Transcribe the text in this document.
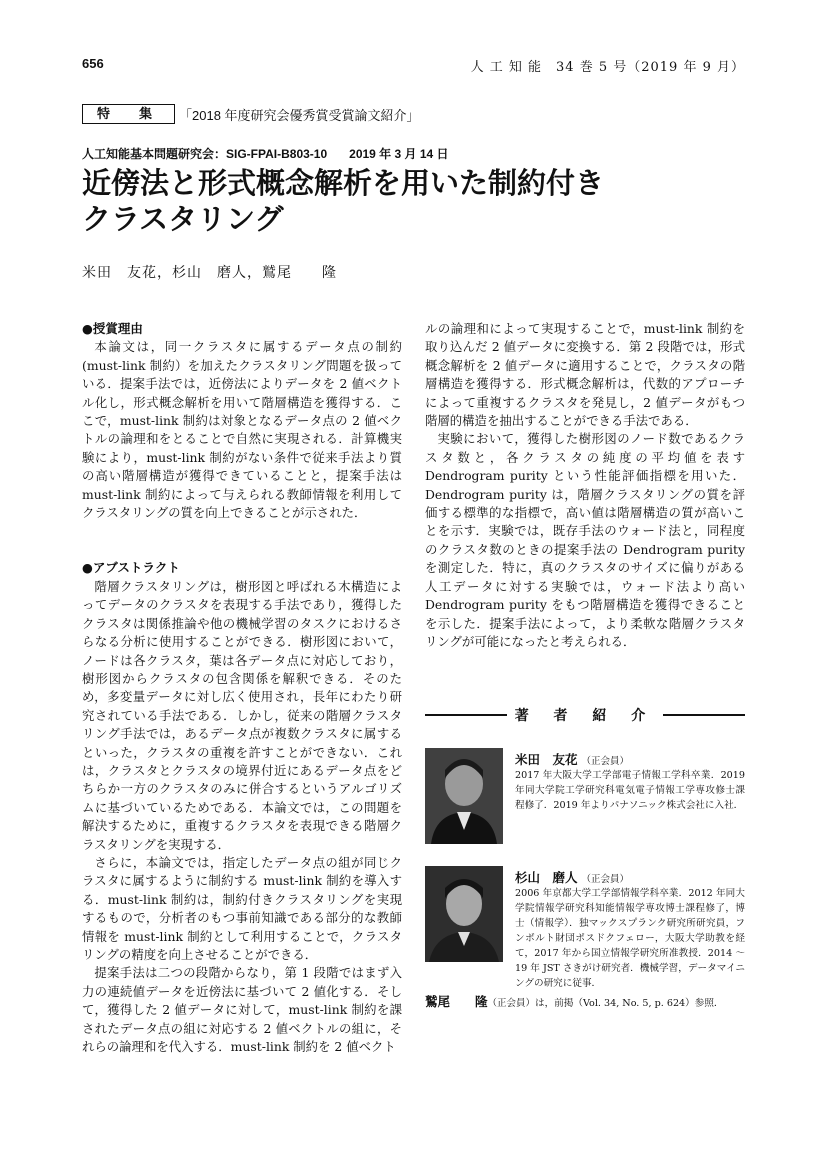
656	人 工 知 能　34 巻 5 号（2019 年 9 月）
特　集	「2018 年度研究会優秀賞受賞論文紹介」
人工知能基本問題研究会：SIG-FPAI-B803-10 2019 年 3 月 14 日
近傍法と形式概念解析を用いた制約付き
クラスタリング
米田　友花，杉山　磨人，鷲尾　　隆
●授賞理由

本論文は，同一クラスタに属するデータ点の制約(must-link 制約）を加えたクラスタリング問題を扱っている．提案手法では，近傍法によりデータを 2 値ベクトル化し，形式概念解析を用いて階層構造を獲得する．ここで，must-link 制約は対象となるデータ点の 2 値ベクトルの論理和をとることで自然に実現される．計算機実験により，must-link 制約がない条件で従来手法より質の高い階層構造が獲得できていることと，提案手法は must-link 制約によって与えられる教師情報を利用してクラスタリングの質を向上できることが示された．

●アブストラクト

階層クラスタリングは，樹形図と呼ばれる木構造によってデータのクラスタを表現する手法であり，獲得したクラスタは関係推論や他の機械学習のタスクにおけるさらなる分析に使用することができる．樹形図において，ノードは各クラスタ，葉は各データ点に対応しており，樹形図からクラスタの包含関係を解釈できる．そのため，多変量データに対し広く使用され，長年にわたり研究されている手法である．しかし，従来の階層クラスタリング手法では，あるデータ点が複数クラスタに属するといった，クラスタの重複を許すことができない．これは，クラスタとクラスタの境界付近にあるデータ点をどちらか一方のクラスタのみに併合するというアルゴリズムに基づいているためである．本論文では，この問題を解決するために，重複するクラスタを表現できる階層クラスタリングを実現する．

さらに，本論文では，指定したデータ点の組が同じクラスタに属するように制約する must-link 制約を導入する．must-link 制約は，制約付きクラスタリングを実現するもので，分析者のもつ事前知識である部分的な教師情報を must-link 制約として利用することで，クラスタリングの精度を向上させることができる．

提案手法は二つの段階からなり，第 1 段階ではまず入力の連続値データを近傍法に基づいて 2 値化する．そして，獲得した 2 値データに対して，must-link 制約を課されたデータ点の組に対応する 2 値ベクトルの組に，それらの論理和を代入する．must-link 制約を 2 値ベクト

ルの論理和によって実現することで，must-link 制約を取り込んだ 2 値データに変換する．第 2 段階では，形式概念解析を 2 値データに適用することで，クラスタの階層構造を獲得する．形式概念解析は，代数的アプローチによって重複するクラスタを発見し，2 値データがもつ階層的構造を抽出することができる手法である．

実験において，獲得した樹形図のノード数であるクラスタ数と，各クラスタの純度の平均値を表す Dendrogram purity という性能評価指標を用いた．Dendrogram purity は，階層クラスタリングの質を評価する標準的な指標で，高い値は階層構造の質が高いことを示す．実験では，既存手法のウォード法と，同程度のクラスタ数のときの提案手法の Dendrogram purity を測定した．特に，真のクラスタのサイズに偏りがある人工データに対する実験では，ウォード法より高い Dendrogram purity をもつ階層構造を獲得できることを示した．提案手法によって，より柔軟な階層クラスタリングが可能になったと考えられる．

著 者 紹 介
米田　友花 （正会員）
2017 年大阪大学工学部電子情報工学科卒業．2019 年同大学院工学研究科電気電子情報工学専攻修士課程修了．2019 年よりパナソニック株式会社に入社．
杉山　磨人 （正会員）
2006 年京都大学工学部情報学科卒業．2012 年同大学院情報学研究科知能情報学専攻博士課程修了，博士（情報学）．独マックスプランク研究所研究員，フンボルト財団ポスドクフェロー，大阪大学助教を経て，2017 年から国立情報学研究所准教授．2014 ～ 19 年 JST さきがけ研究者．機械学習，データマイニングの研究に従事．
鷲尾　　隆（正会員）は，前掲（Vol. 34, No. 5, p. 624）参照．
